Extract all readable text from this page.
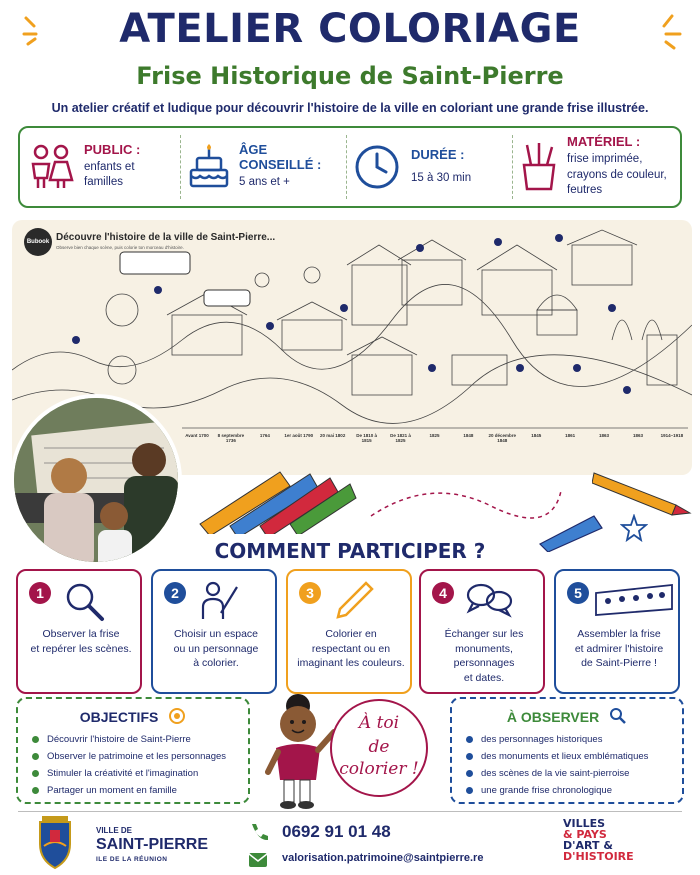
ATELIER COLORIAGE
Frise Historique de Saint-Pierre

Un atelier créatif et ludique pour découvrir l'histoire de la ville en coloriant une grande frise illustrée.

PUBLIC :
enfants et
familles
ÂGE
CONSEILLÉ :
5 ans et +
DURÉE :
15 à 30 min
MATÉRIEL :
frise imprimée,
crayons de couleur,
feutres
Bubook Découvre l'histoire de la ville de Saint-Pierre...
Observe bien chaque scène, puis colorie ton morceau d'histoire.
Avant 1700	8 septembre 1736
1764	1er août 1790	20 mai 1802	De 1810 à 1815
De 1821 à 1825
1825	1848	20 décembre 1848
1845	1861	1863	1863	1914–1918
COMMENT PARTICIPER ?
1
Observer la frise
et repérer les scènes.
2
Choisir un espace
ou un personnage
à colorier.
3
Colorier en
respectant ou en
imaginant les couleurs.
4
Échanger sur les
monuments, personnages
et dates.
5
Assembler la frise
et admirer l'histoire
de Saint-Pierre !
OBJECTIFS
Découvrir l'histoire de Saint-Pierre
Observer le patrimoine et les personnages
Stimuler la créativité et l'imagination
Partager un moment en famille
À toi
de
colorier !
À OBSERVER
des personnages historiques
des monuments et lieux emblématiques
des scènes de la vie saint-pierroise
une grande frise chronologique
VILLE DE
SAINT-PIERRE
ILE DE LA RÉUNION
0692 91 01 48
valorisation.patrimoine@saintpierre.re
VILLES
& PAYS
D'ART &
D'HISTOIRE
